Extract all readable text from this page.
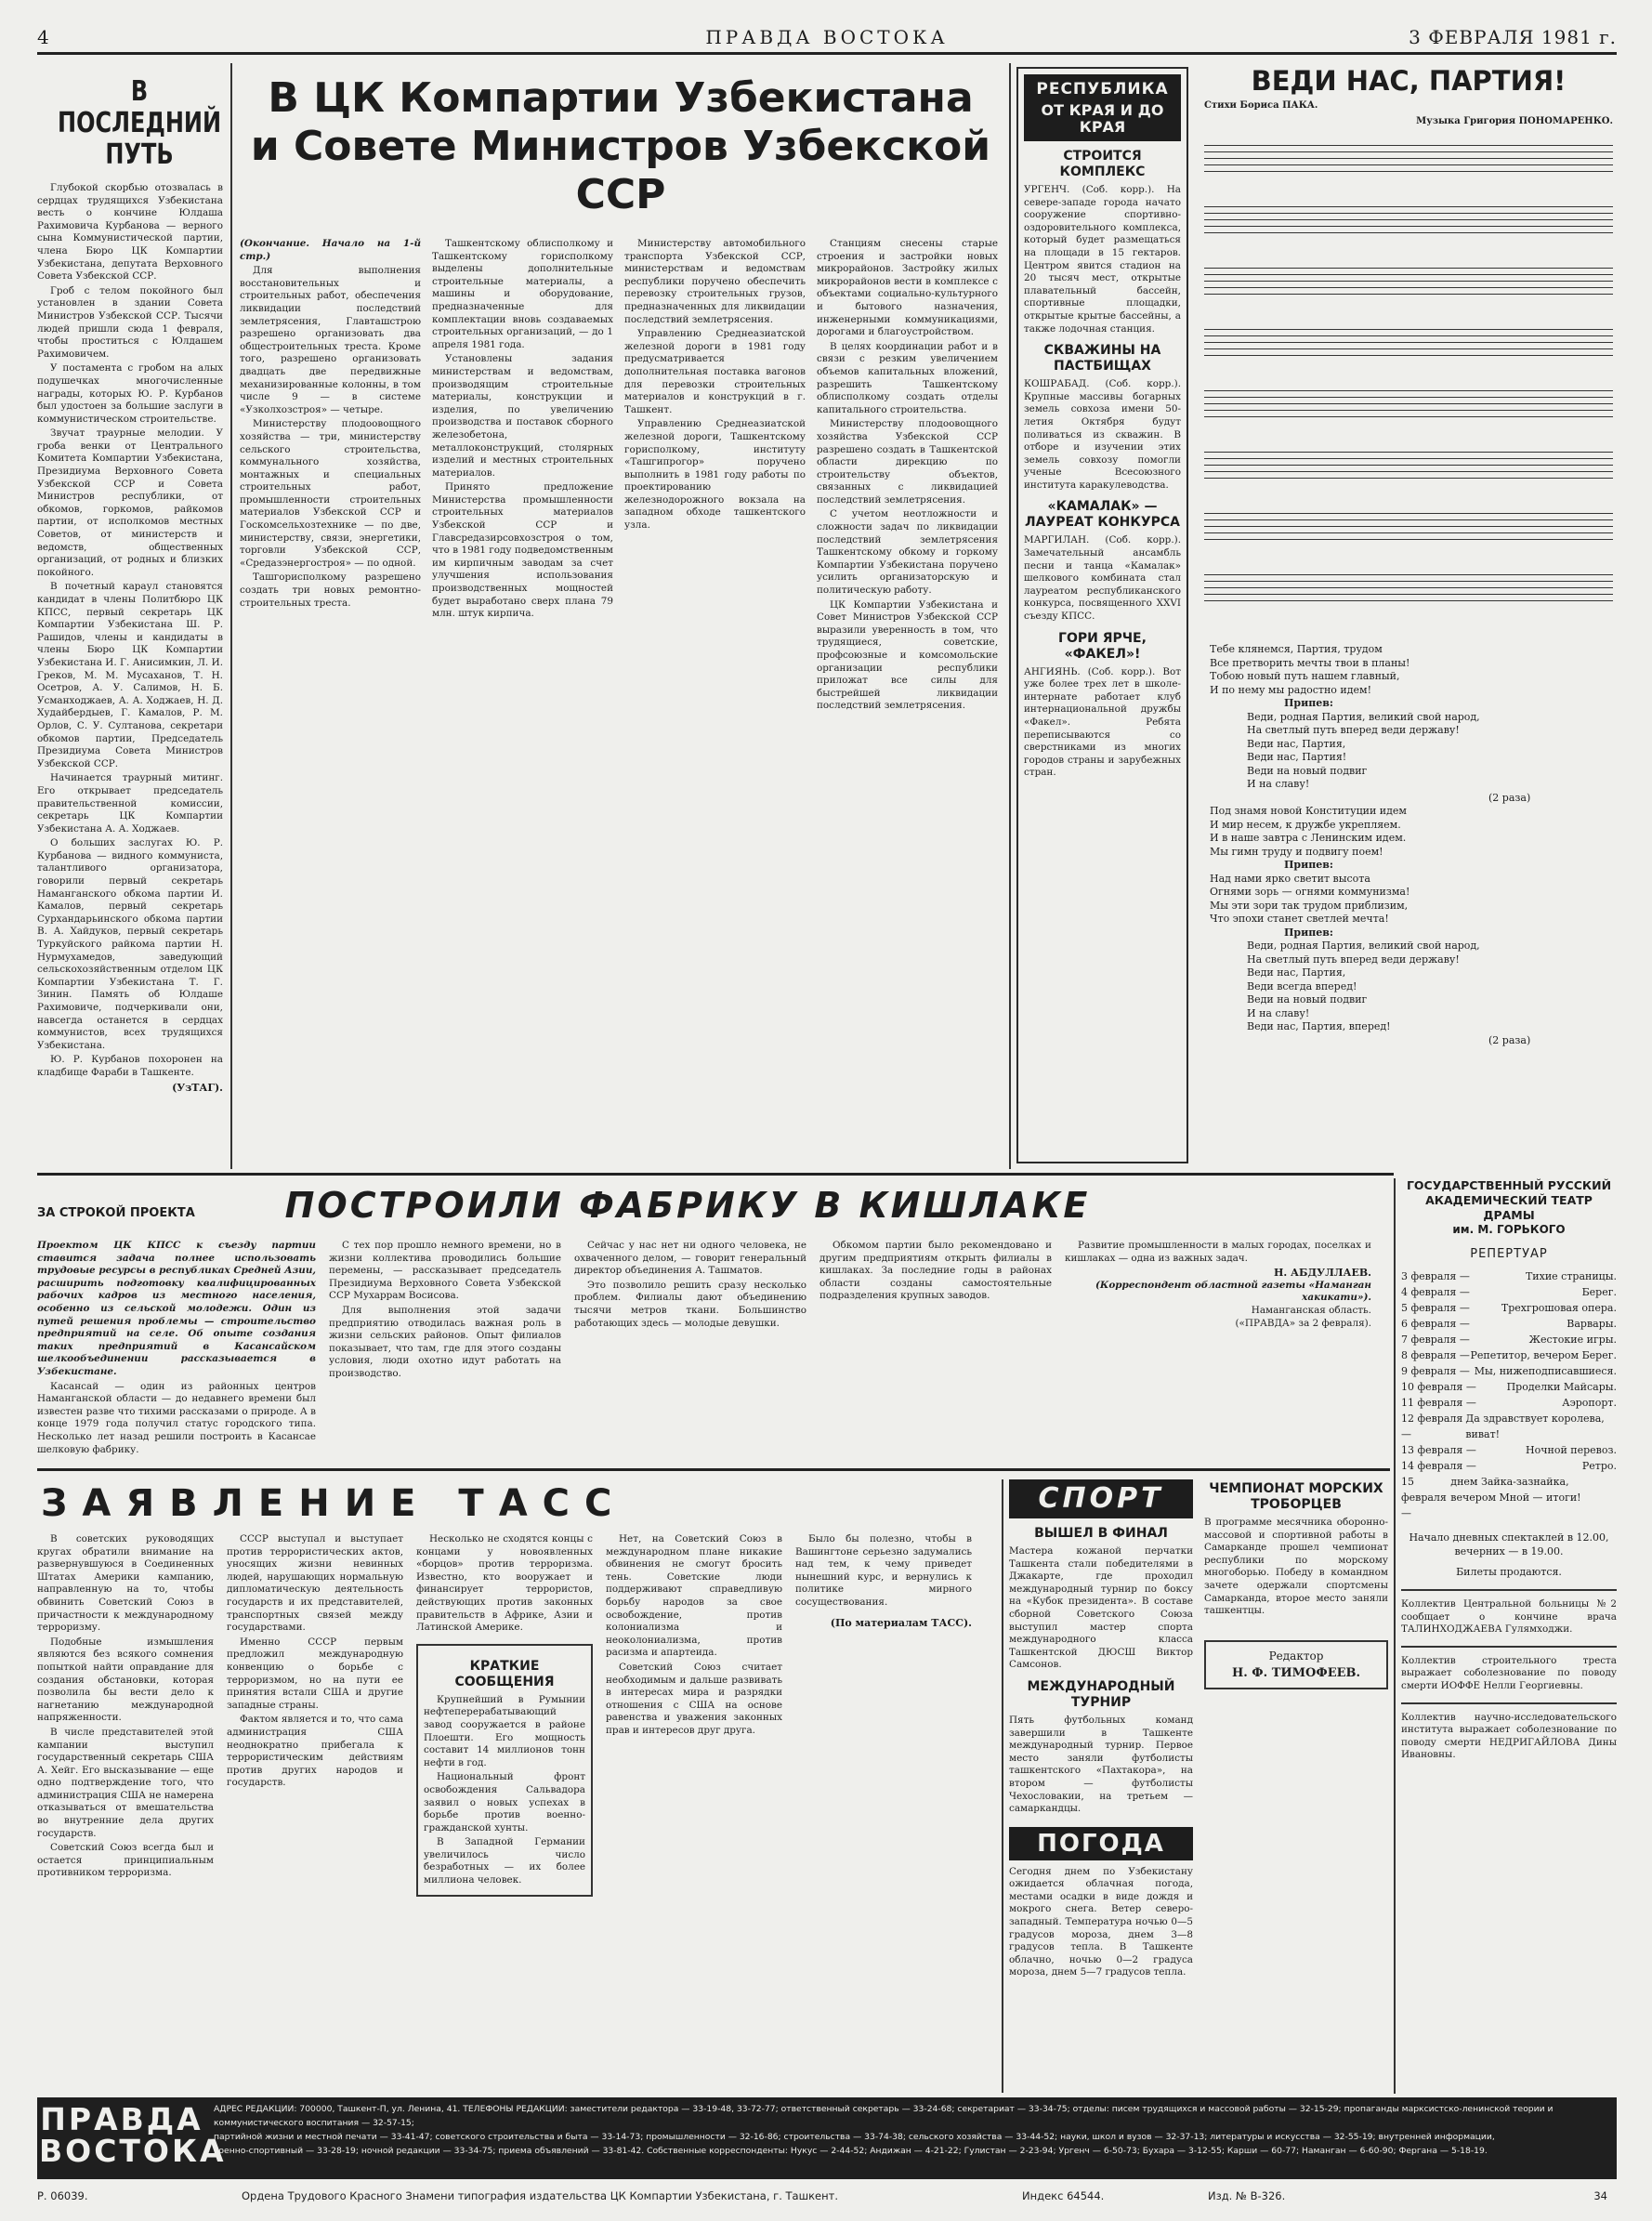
4	ПРАВДА ВОСТОКА	3 ФЕВРАЛЯ 1981 г.
В ПОСЛЕДНИЙ ПУТЬ

Глубокой скорбью отозвалась в сердцах трудящихся Узбекистана весть о кончине Юлдаша Рахимовича Курбанова — верного сына Коммунистической партии, члена Бюро ЦК Компартии Узбекистана, депутата Верховного Совета Узбекской ССР.

Гроб с телом покойного был установлен в здании Совета Министров Узбекской ССР. Тысячи людей пришли сюда 1 февраля, чтобы проститься с Юлдашем Рахимовичем.

У постамента с гробом на алых подушечках многочисленные награды, которых Ю. Р. Курбанов был удостоен за большие заслуги в коммунистическом строительстве.

Звучат траурные мелодии. У гроба венки от Центрального Комитета Компартии Узбекистана, Президиума Верховного Совета Узбекской ССР и Совета Министров республики, от обкомов, горкомов, райкомов партии, от исполкомов местных Советов, от министерств и ведомств, общественных организаций, от родных и близких покойного.

В почетный караул становятся кандидат в члены Политбюро ЦК КПСС, первый секретарь ЦК Компартии Узбекистана Ш. Р. Рашидов, члены и кандидаты в члены Бюро ЦК Компартии Узбекистана И. Г. Анисимкин, Л. И. Греков, М. М. Мусаханов, Т. Н. Осетров, А. У. Салимов, Н. Б. Усманходжаев, А. А. Ходжаев, Н. Д. Худайбердыев, Г. Камалов, Р. М. Орлов, С. У. Султанова, секретари обкомов партии, Председатель Президиума Совета Министров Узбекской ССР.

Начинается траурный митинг. Его открывает председатель правительственной комиссии, секретарь ЦК Компартии Узбекистана А. А. Ходжаев.

О больших заслугах Ю. Р. Курбанова — видного коммуниста, талантливого организатора, говорили первый секретарь Наманганского обкома партии И. Камалов, первый секретарь Сурхандарьинского обкома партии В. А. Хайдуков, первый секретарь Туркуйского райкома партии Н. Нурмухамедов, заведующий сельскохозяйственным отделом ЦК Компартии Узбекистана Т. Г. Зинин. Память об Юлдаше Рахимовиче, подчеркивали они, навсегда останется в сердцах коммунистов, всех трудящихся Узбекистана.

Ю. Р. Курбанов похоронен на кладбище Фараби в Ташкенте.

(УзТАГ).
В ЦК Компартии Узбекистана
и Совете Министров Узбекской ССР

(Окончание. Начало на 1-й стр.)

Для выполнения восстановительных и строительных работ, обеспечения ликвидации последствий землетрясения, Главташстрою разрешено организовать два общестроительных треста. Кроме того, разрешено организовать двадцать две передвижные механизированные колонны, в том числе 9 — в системе «Узколхозстроя» — четыре.

Министерству плодоовощного хозяйства — три, министерству сельского строительства, коммунального хозяйства, монтажных и специальных строительных работ, промышленности строительных материалов Узбекской ССР и Госкомсельхозтехнике — по две, министерству, связи, энергетики, торговли Узбекской ССР, «Средазэнергостроя» — по одной.

Ташгорисполкому разрешено создать три новых ремонтно-строительных треста.

Ташкентскому облисполкому и Ташкентскому горисполкому выделены дополнительные строительные материалы, а машины и оборудование, предназначенные для комплектации вновь создаваемых строительных организаций, — до 1 апреля 1981 года.

Установлены задания министерствам и ведомствам, производящим строительные материалы, конструкции и изделия, по увеличению производства и поставок сборного железобетона, металлоконструкций, столярных изделий и местных строительных материалов.

Принято предложение Министерства промышленности строительных материалов Узбекской ССР и Главсредазирсовхозстроя о том, что в 1981 году подведомственным им кирпичным заводам за счет улучшения использования производственных мощностей будет выработано сверх плана 79 млн. штук кирпича.

Министерству автомобильного транспорта Узбекской ССР, министерствам и ведомствам республики поручено обеспечить перевозку строительных грузов, предназначенных для ликвидации последствий землетрясения.

Управлению Среднеазиатской железной дороги в 1981 году предусматривается дополнительная поставка вагонов для перевозки строительных материалов и конструкций в г. Ташкент.

Управлению Среднеазиатской железной дороги, Ташкентскому горисполкому, институту «Ташгипрогор» поручено выполнить в 1981 году работы по проектированию железнодорожного вокзала на западном обходе ташкентского узла.

Станциям снесены старые строения и застройки новых микрорайонов. Застройку жилых микрорайонов вести в комплексе с объектами социально-культурного и бытового назначения, инженерными коммуникациями, дорогами и благоустройством.

В целях координации работ и в связи с резким увеличением объемов капитальных вложений, разрешить Ташкентскому облисполкому создать отделы капитального строительства.

Министерству плодоовощного хозяйства Узбекской ССР разрешено создать в Ташкентской области дирекцию по строительству объектов, связанных с ликвидацией последствий землетрясения.

С учетом неотложности и сложности задач по ликвидации последствий землетрясения Ташкентскому обкому и горкому Компартии Узбекистана поручено усилить организаторскую и политическую работу.

ЦК Компартии Узбекистана и Совет Министров Узбекской ССР выразили уверенность в том, что трудящиеся, советские, профсоюзные и комсомольские организации республики приложат все силы для быстрейшей ликвидации последствий землетрясения.

РЕСПУБЛИКА
ОТ КРАЯ И ДО КРАЯ
СТРОИТСЯ КОМПЛЕКС
УРГЕНЧ. (Соб. корр.). На севере-западе города начато сооружение спортивно-оздоровительного комплекса, который будет размещаться на площади в 15 гектаров. Центром явится стадион на 20 тысяч мест, открытые плавательный бассейн, спортивные площадки, открытые крытые бассейны, а также лодочная станция.
СКВАЖИНЫ НА ПАСТБИЩАХ
КОШРАБАД. (Соб. корр.). Крупные массивы богарных земель совхоза имени 50-летия Октября будут поливаться из скважин. В отборе и изучении этих земель совхозу помогли ученые Всесоюзного института каракулеводства.
«КАМАЛАК» — ЛАУРЕАТ КОНКУРСА
МАРГИЛАН. (Соб. корр.). Замечательный ансамбль песни и танца «Камалак» шелкового комбината стал лауреатом республиканского конкурса, посвященного XXVI съезду КПСС.
ГОРИ ЯРЧЕ, «ФАКЕЛ»!
АНГИЯНЬ. (Соб. корр.). Вот уже более трех лет в школе-интернате работает клуб интернациональной дружбы «Факел». Ребята переписываются со сверстниками из многих городов страны и зарубежных стран.
ВЕДИ НАС, ПАРТИЯ!
Стихи Бориса ПАКА.
Музыка Григория ПОНОМАРЕНКО.
Тебе клянемся, Партия, трудом
Все претворить мечты твои в планы!
Тобою новый путь нашем главный,
И по нему мы радостно идем!
Припев:
Веди, родная Партия, великий свой народ,
На светлый путь вперед веди державу!
Веди нас, Партия,
Веди нас, Партия!
Веди на новый подвиг
И на славу!
(2 раза)
Под знамя новой Конституции идем
И мир несем, к дружбе укрепляем.
И в наше завтра с Ленинским идем.
Мы гимн труду и подвигу поем!
Припев:
Над нами ярко светит высота
Огнями зорь — огнями коммунизма!
Мы эти зори так трудом приблизим,
Что эпохи станет светлей мечта!
Припев:
Веди, родная Партия, великий свой народ,
На светлый путь вперед веди державу!
Веди нас, Партия,
Веди всегда вперед!
Веди на новый подвиг
И на славу!
Веди нас, Партия, вперед!
(2 раза)
ЗА СТРОКОЙ ПРОЕКТА	ПОСТРОИЛИ ФАБРИКУ В КИШЛАКЕ

Проектом ЦК КПСС к съезду партии ставится задача полнее использовать трудовые ресурсы в республиках Средней Азии, расширить подготовку квалифицированных рабочих кадров из местного населения, особенно из сельской молодежи. Один из путей решения проблемы — строительство предприятий на селе. Об опыте создания таких предприятий в Касансайском шелкообъединении рассказывается в Узбекистане.

Касансай — один из районных центров Наманганской области — до недавнего времени был известен разве что тихими рассказами о природе. А в конце 1979 года получил статус городского типа. Несколько лет назад решили построить в Касансае шелковую фабрику.

С тех пор прошло немного времени, но в жизни коллектива проводились большие перемены, — рассказывает председатель Президиума Верховного Совета Узбекской ССР Мухаррам Восисова.

Для выполнения этой задачи предприятию отводилась важная роль в жизни сельских районов. Опыт филиалов показывает, что там, где для этого созданы условия, люди охотно идут работать на производство.

Сейчас у нас нет ни одного человека, не охваченного делом, — говорит генеральный директор объединения А. Ташматов.

Это позволило решить сразу несколько проблем. Филиалы дают объединению тысячи метров ткани. Большинство работающих здесь — молодые девушки.

Обкомом партии было рекомендовано и другим предприятиям открыть филиалы в кишлаках. За последние годы в районах области созданы самостоятельные подразделения крупных заводов.

Развитие промышленности в малых городах, поселках и кишлаках — одна из важных задач.

Н. АБДУЛЛАЕВ.
(Корреспондент областной газеты «Наманган хакикати»).
Наманганская область.
(«ПРАВДА» за 2 февраля).
ГОСУДАРСТВЕННЫЙ РУССКИЙ АКАДЕМИЧЕСКИЙ ТЕАТР ДРАМЫ
им. М. ГОРЬКОГО
РЕПЕРТУАР
3 февраля —	Тихие страницы.
4 февраля —	Берег.
5 февраля —	Трехгрошовая опера.
6 февраля —	Варвары.
7 февраля —	Жестокие игры.
8 февраля — Репетитор, вечером Берег.
9 февраля — Мы, нижеподписавшиеся.
10 февраля —	Проделки Майсары.
11 февраля —	Аэропорт.
12 февраля —
Да здравствует королева, виват!
13 февраля —	Ночной перевоз.
14 февраля —	Ретро.
15 февраля —
днем Зайка-зазнайка, вечером Мной — итоги!
Начало дневных спектаклей в 12.00, вечерних — в 19.00.
Билеты продаются.
Коллектив Центральной больницы №2 сообщает о кончине врача ТАЛИНХОДЖАЕВА Гулямходжи.
Коллектив строительного треста выражает соболезнование по поводу смерти ИОФФЕ Нелли Георгиевны.
Коллектив научно-исследовательского института выражает соболезнование по поводу смерти НЕДРИГАЙЛОВА Дины Ивановны.
ЗАЯВЛЕНИЕ ТАСС

В советских руководящих кругах обратили внимание на развернувшуюся в Соединенных Штатах Америки кампанию, направленную на то, чтобы обвинить Советский Союз в причастности к международному терроризму.

Подобные измышления являются без всякого сомнения попыткой найти оправдание для создания обстановки, которая позволила бы вести дело к нагнетанию международной напряженности.

В числе представителей этой кампании выступил государственный секретарь США А. Хейг. Его высказывание — еще одно подтверждение того, что администрация США не намерена отказываться от вмешательства во внутренние дела других государств.

Советский Союз всегда был и остается принципиальным противником терроризма.

СССР выступал и выступает против террористических актов, уносящих жизни невинных людей, нарушающих нормальную дипломатическую деятельность государств и их представителей, транспортных связей между государствами.

Именно СССР первым предложил международную конвенцию о борьбе с терроризмом, но на пути ее принятия встали США и другие западные страны.

Фактом является и то, что сама администрация США неоднократно прибегала к террористическим действиям против других народов и государств.

Несколько не сходятся концы с концами у новоявленных «борцов» против терроризма. Известно, кто вооружает и финансирует террористов, действующих против законных правительств в Африке, Азии и Латинской Америке.

КРАТКИЕ СООБЩЕНИЯ

Крупнейший в Румынии нефтеперерабатывающий завод сооружается в районе Плоешти. Его мощность составит 14 миллионов тонн нефти в год.

Национальный фронт освобождения Сальвадора заявил о новых успехах в борьбе против военно-гражданской хунты.

В Западной Германии увеличилось число безработных — их более миллиона человек.

Нет, на Советский Союз в международном плане никакие обвинения не смогут бросить тень. Советские люди поддерживают справедливую борьбу народов за свое освобождение, против колониализма и неоколониализма, против расизма и апартеида.

Советский Союз считает необходимым и дальше развивать в интересах мира и разрядки отношения с США на основе равенства и уважения законных прав и интересов друг друга.

Было бы полезно, чтобы в Вашингтоне серьезно задумались над тем, к чему приведет нынешний курс, и вернулись к политике мирного сосуществования.

(По материалам ТАСС).
СПОРТ
ВЫШЕЛ В ФИНАЛ
Мастера кожаной перчатки Ташкента стали победителями в Джакарте, где проходил международный турнир по боксу на «Кубок президента». В составе сборной Советского Союза выступил мастер спорта международного класса Ташкентской ДЮСШ Виктор Самсонов.
МЕЖДУНАРОДНЫЙ ТУРНИР
Пять футбольных команд завершили в Ташкенте международный турнир. Первое место заняли футболисты ташкентского «Пахтакора», на втором — футболисты Чехословакии, на третьем — самаркандцы.
ПОГОДА
Сегодня днем по Узбекистану ожидается облачная погода, местами осадки в виде дождя и мокрого снега. Ветер северо-западный. Температура ночью 0—5 градусов мороза, днем 3—8 градусов тепла. В Ташкенте облачно, ночью 0—2 градуса мороза, днем 5—7 градусов тепла.
ЧЕМПИОНАТ МОРСКИХ ТРОБОРЦЕВ
В программе месячника оборонно-массовой и спортивной работы в Самарканде прошел чемпионат республики по морскому многоборью. Победу в командном зачете одержали спортсмены Самарканда, второе место заняли ташкентцы.
Редактор
Н. Ф. ТИМОФЕЕВ.
ПРАВДА
ВОСТОКА
АДРЕС РЕДАКЦИИ: 700000, Ташкент-П, ул. Ленина, 41. ТЕЛЕФОНЫ РЕДАКЦИИ: заместители редактора — 33-19-48, 33-72-77; ответственный секретарь — 33-24-68; секретариат — 33-34-75; отделы: писем трудящихся и массовой работы — 32-15-29; пропаганды марксистско-ленинской теории и коммунистического воспитания — 32-57-15;
партийной жизни и местной печати — 33-41-47; советского строительства и быта — 33-14-73; промышленности — 32-16-86; строительства — 33-74-38; сельского хозяйства — 33-44-52; науки, школ и вузов — 32-37-13; литературы и искусства — 32-55-19; внутренней информации,
военно-спортивный — 33-28-19; ночной редакции — 33-34-75; приема объявлений — 33-81-42. Собственные корреспонденты: Нукус — 2-44-52; Андижан — 4-21-22; Гулистан — 2-23-94; Ургенч — 6-50-73; Бухара — 3-12-55; Карши — 60-77; Наманган — 6-60-90; Фергана — 5-18-19.
Р. 06039.	Ордена Трудового Красного Знамени типография издательства ЦК Компартии Узбекистана, г. Ташкент.	Индекс 64544.	Изд. № В-326.	34
